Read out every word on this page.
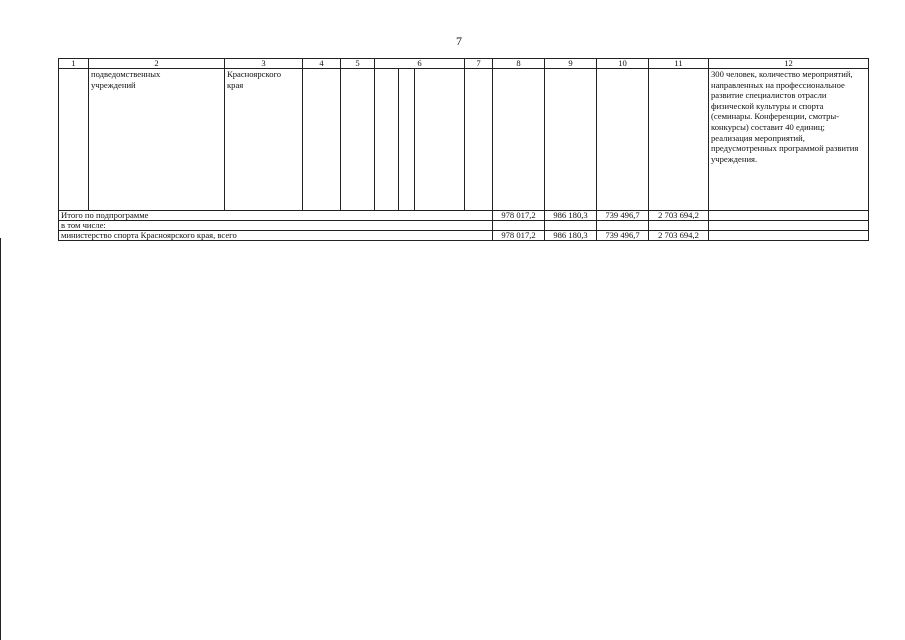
7
1	2	3	4	5	6	7	8	9	10	11	12

	подведомственных учреждений	Красноярского края									300 человек, количество мероприятий, направленных на профессиональное развитие специалистов отрасли физической культуры и спорта (семинары. Конференции, смотры-конкурсы) составит 40 единиц; реализация мероприятий, предусмотренных программой развития учреждения.
Итого по подпрограмме							978 017,2	986 180,3	739 496,7	2 703 694,2	
в том числе:											
министерство спорта Красноярского края, всего							978 017,2	986 180,3	739 496,7	2 703 694,2	
